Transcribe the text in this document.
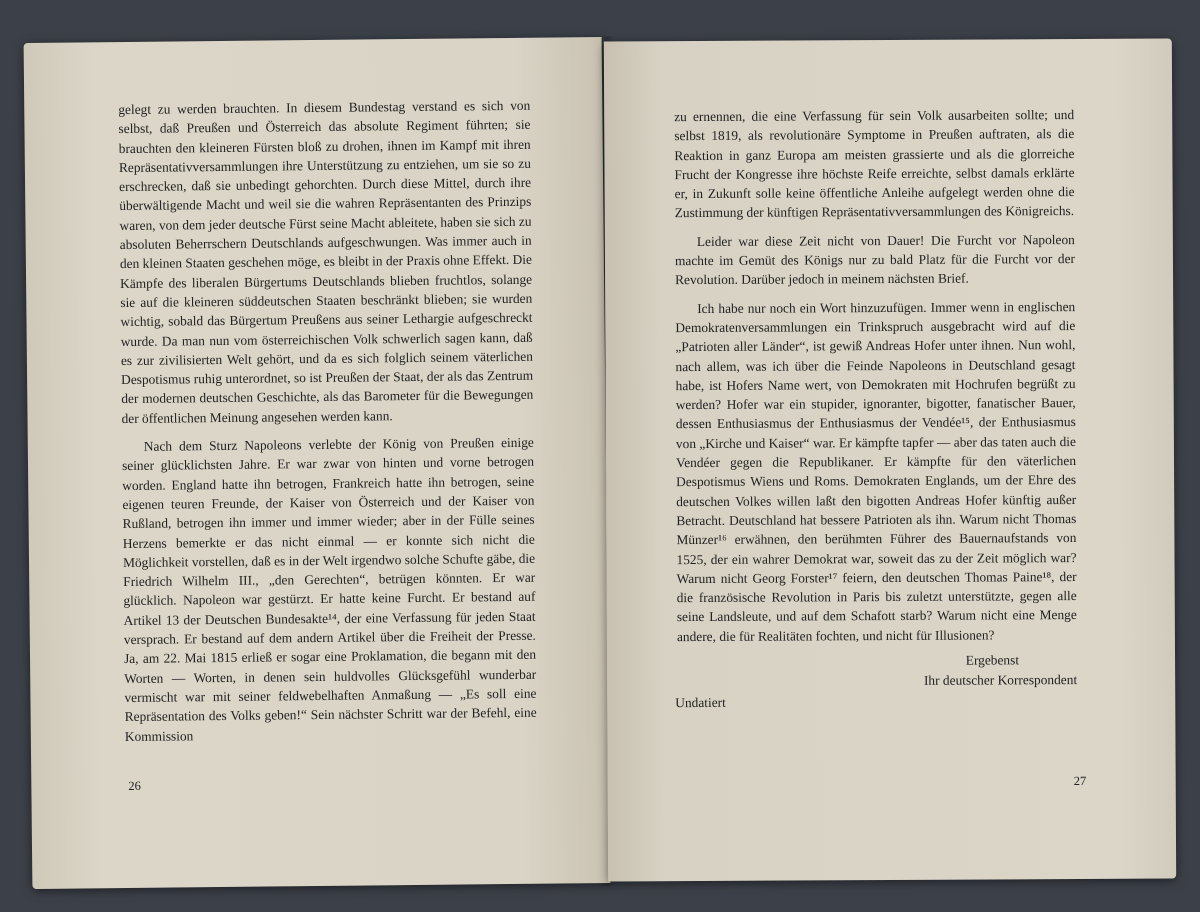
gelegt zu werden brauchten. In diesem Bundestag verstand es sich von selbst, daß Preußen und Österreich das absolute Regiment führten; sie brauchten den kleineren Fürsten bloß zu drohen, ihnen im Kampf mit ihren Repräsentativversammlungen ihre Unterstützung zu entziehen, um sie so zu erschrecken, daß sie unbedingt gehorchten. Durch diese Mittel, durch ihre überwältigende Macht und weil sie die wahren Repräsentanten des Prinzips waren, von dem jeder deutsche Fürst seine Macht ableitete, haben sie sich zu absoluten Beherrschern Deutschlands aufgeschwungen. Was immer auch in den kleinen Staaten geschehen möge, es bleibt in der Praxis ohne Effekt. Die Kämpfe des liberalen Bürgertums Deutschlands blieben fruchtlos, solange sie auf die kleineren süddeutschen Staaten beschränkt blieben; sie wurden wichtig, sobald das Bürgertum Preußens aus seiner Lethargie aufgeschreckt wurde. Da man nun vom österreichischen Volk schwerlich sagen kann, daß es zur zivilisierten Welt gehört, und da es sich folglich seinem väterlichen Despotismus ruhig unterordnet, so ist Preußen der Staat, der als das Zentrum der modernen deutschen Geschichte, als das Barometer für die Bewegungen der öffentlichen Meinung angesehen werden kann.

Nach dem Sturz Napoleons verlebte der König von Preußen einige seiner glücklichsten Jahre. Er war zwar von hinten und vorne betrogen worden. England hatte ihn betrogen, Frankreich hatte ihn betrogen, seine eigenen teuren Freunde, der Kaiser von Österreich und der Kaiser von Rußland, betrogen ihn immer und immer wieder; aber in der Fülle seines Herzens bemerkte er das nicht einmal — er konnte sich nicht die Möglichkeit vorstellen, daß es in der Welt irgendwo solche Schufte gäbe, die Friedrich Wilhelm III., „den Gerechten“, betrügen könnten. Er war glücklich. Napoleon war gestürzt. Er hatte keine Furcht. Er bestand auf Artikel 13 der Deutschen Bundesakte¹⁴, der eine Verfassung für jeden Staat versprach. Er bestand auf dem andern Artikel über die Freiheit der Presse. Ja, am 22. Mai 1815 erließ er sogar eine Proklamation, die begann mit den Worten — Worten, in denen sein huldvolles Glücksgefühl wunderbar vermischt war mit seiner feldwebelhaften Anmaßung — „Es soll eine Repräsentation des Volks geben!“ Sein nächster Schritt war der Befehl, eine Kommission

26

zu ernennen, die eine Verfassung für sein Volk ausarbeiten sollte; und selbst 1819, als revolutionäre Symptome in Preußen auftraten, als die Reaktion in ganz Europa am meisten grassierte und als die glorreiche Frucht der Kongresse ihre höchste Reife erreichte, selbst damals erklärte er, in Zukunft solle keine öffentliche Anleihe aufgelegt werden ohne die Zustimmung der künftigen Repräsentativversammlungen des Königreichs.

Leider war diese Zeit nicht von Dauer! Die Furcht vor Napoleon machte im Gemüt des Königs nur zu bald Platz für die Furcht vor der Revolution. Darüber jedoch in meinem nächsten Brief.

Ich habe nur noch ein Wort hinzuzufügen. Immer wenn in englischen Demokratenversammlungen ein Trinkspruch ausgebracht wird auf die „Patrioten aller Länder“, ist gewiß Andreas Hofer unter ihnen. Nun wohl, nach allem, was ich über die Feinde Napoleons in Deutschland gesagt habe, ist Hofers Name wert, von Demokraten mit Hochrufen begrüßt zu werden? Hofer war ein stupider, ignoranter, bigotter, fanatischer Bauer, dessen Enthusiasmus der Enthusiasmus der Vendée¹⁵, der Enthusiasmus von „Kirche und Kaiser“ war. Er kämpfte tapfer — aber das taten auch die Vendéer gegen die Republikaner. Er kämpfte für den väterlichen Despotismus Wiens und Roms. Demokraten Englands, um der Ehre des deutschen Volkes willen laßt den bigotten Andreas Hofer künftig außer Betracht. Deutschland hat bessere Patrioten als ihn. Warum nicht Thomas Münzer¹⁶ erwähnen, den berühmten Führer des Bauernaufstands von 1525, der ein wahrer Demokrat war, soweit das zu der Zeit möglich war? Warum nicht Georg Forster¹⁷ feiern, den deutschen Thomas Paine¹⁸, der die französische Revolution in Paris bis zuletzt unterstützte, gegen alle seine Landsleute, und auf dem Schafott starb? Warum nicht eine Menge andere, die für Realitäten fochten, und nicht für Illusionen?

Ergebenst
Ihr deutscher Korrespondent
Undatiert
27
